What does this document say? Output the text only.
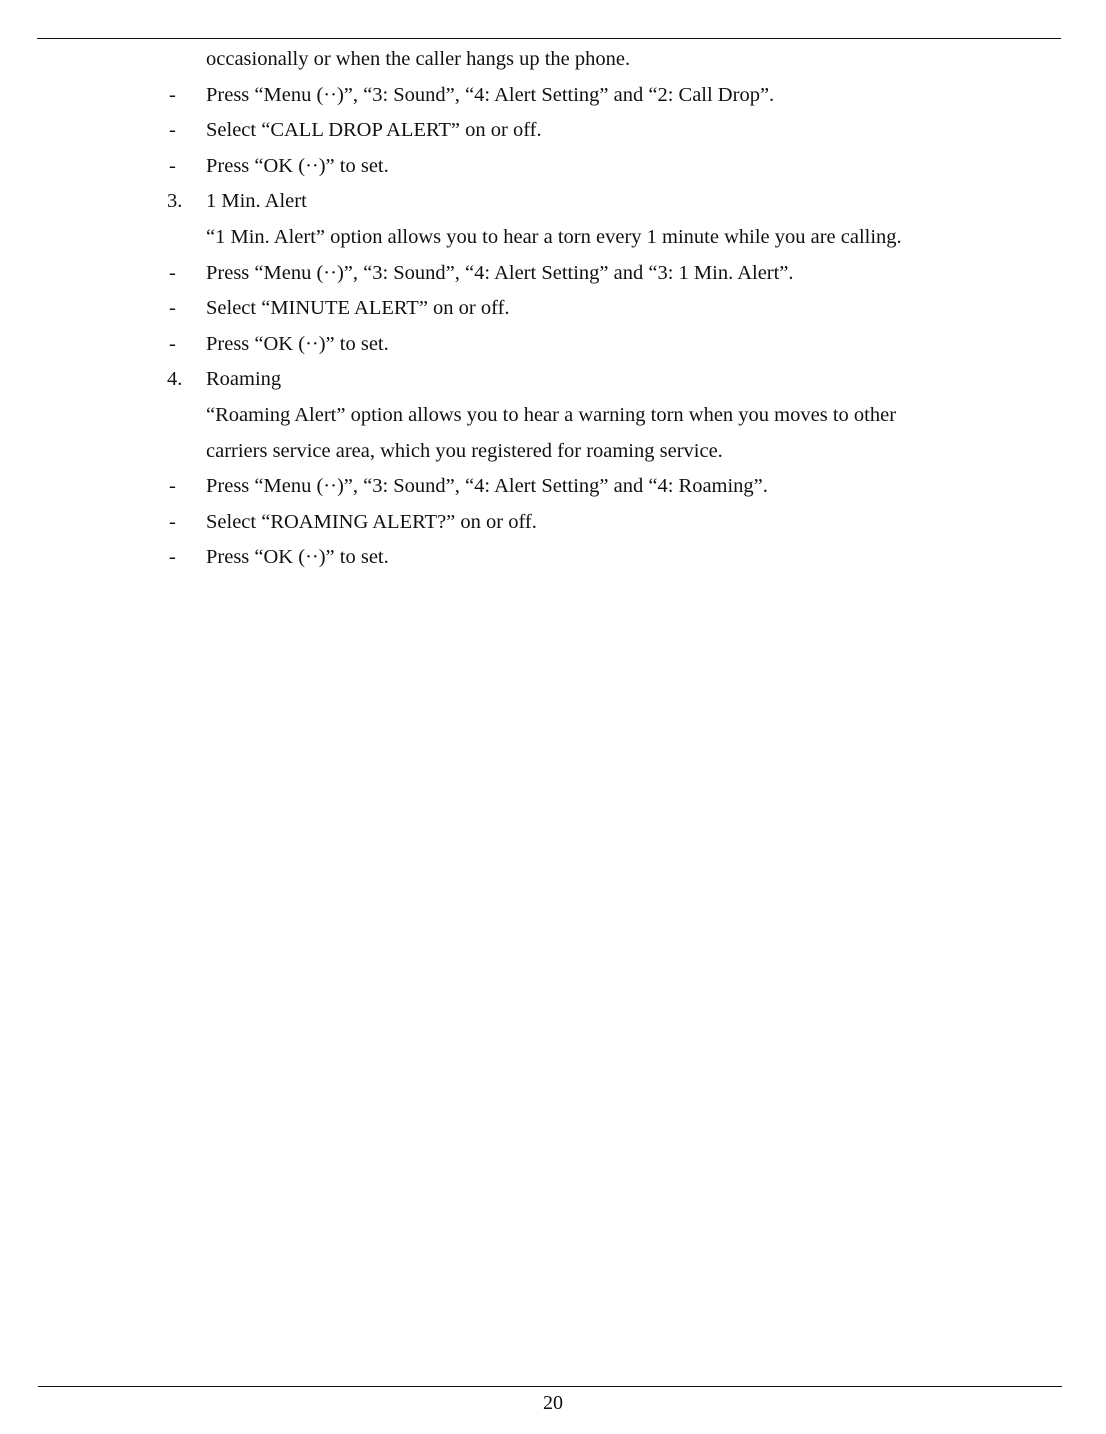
occasionally or when the caller hangs up the phone.
- Press “Menu (··)”, “3: Sound”, “4: Alert Setting” and “2: Call Drop”.
- Select “CALL DROP ALERT” on or off.
- Press “OK (··)” to set.
3. 1 Min. Alert
“1 Min. Alert” option allows you to hear a torn every 1 minute while you are calling.
- Press “Menu (··)”, “3: Sound”, “4: Alert Setting” and “3: 1 Min. Alert”.
- Select “MINUTE ALERT” on or off.
- Press “OK (··)” to set.
4. Roaming
“Roaming Alert” option allows you to hear a warning torn when you moves to other
carriers service area, which you registered for roaming service.
- Press “Menu (··)”, “3: Sound”, “4: Alert Setting” and “4: Roaming”.
- Select “ROAMING ALERT?” on or off.
- Press “OK (··)” to set.
20
